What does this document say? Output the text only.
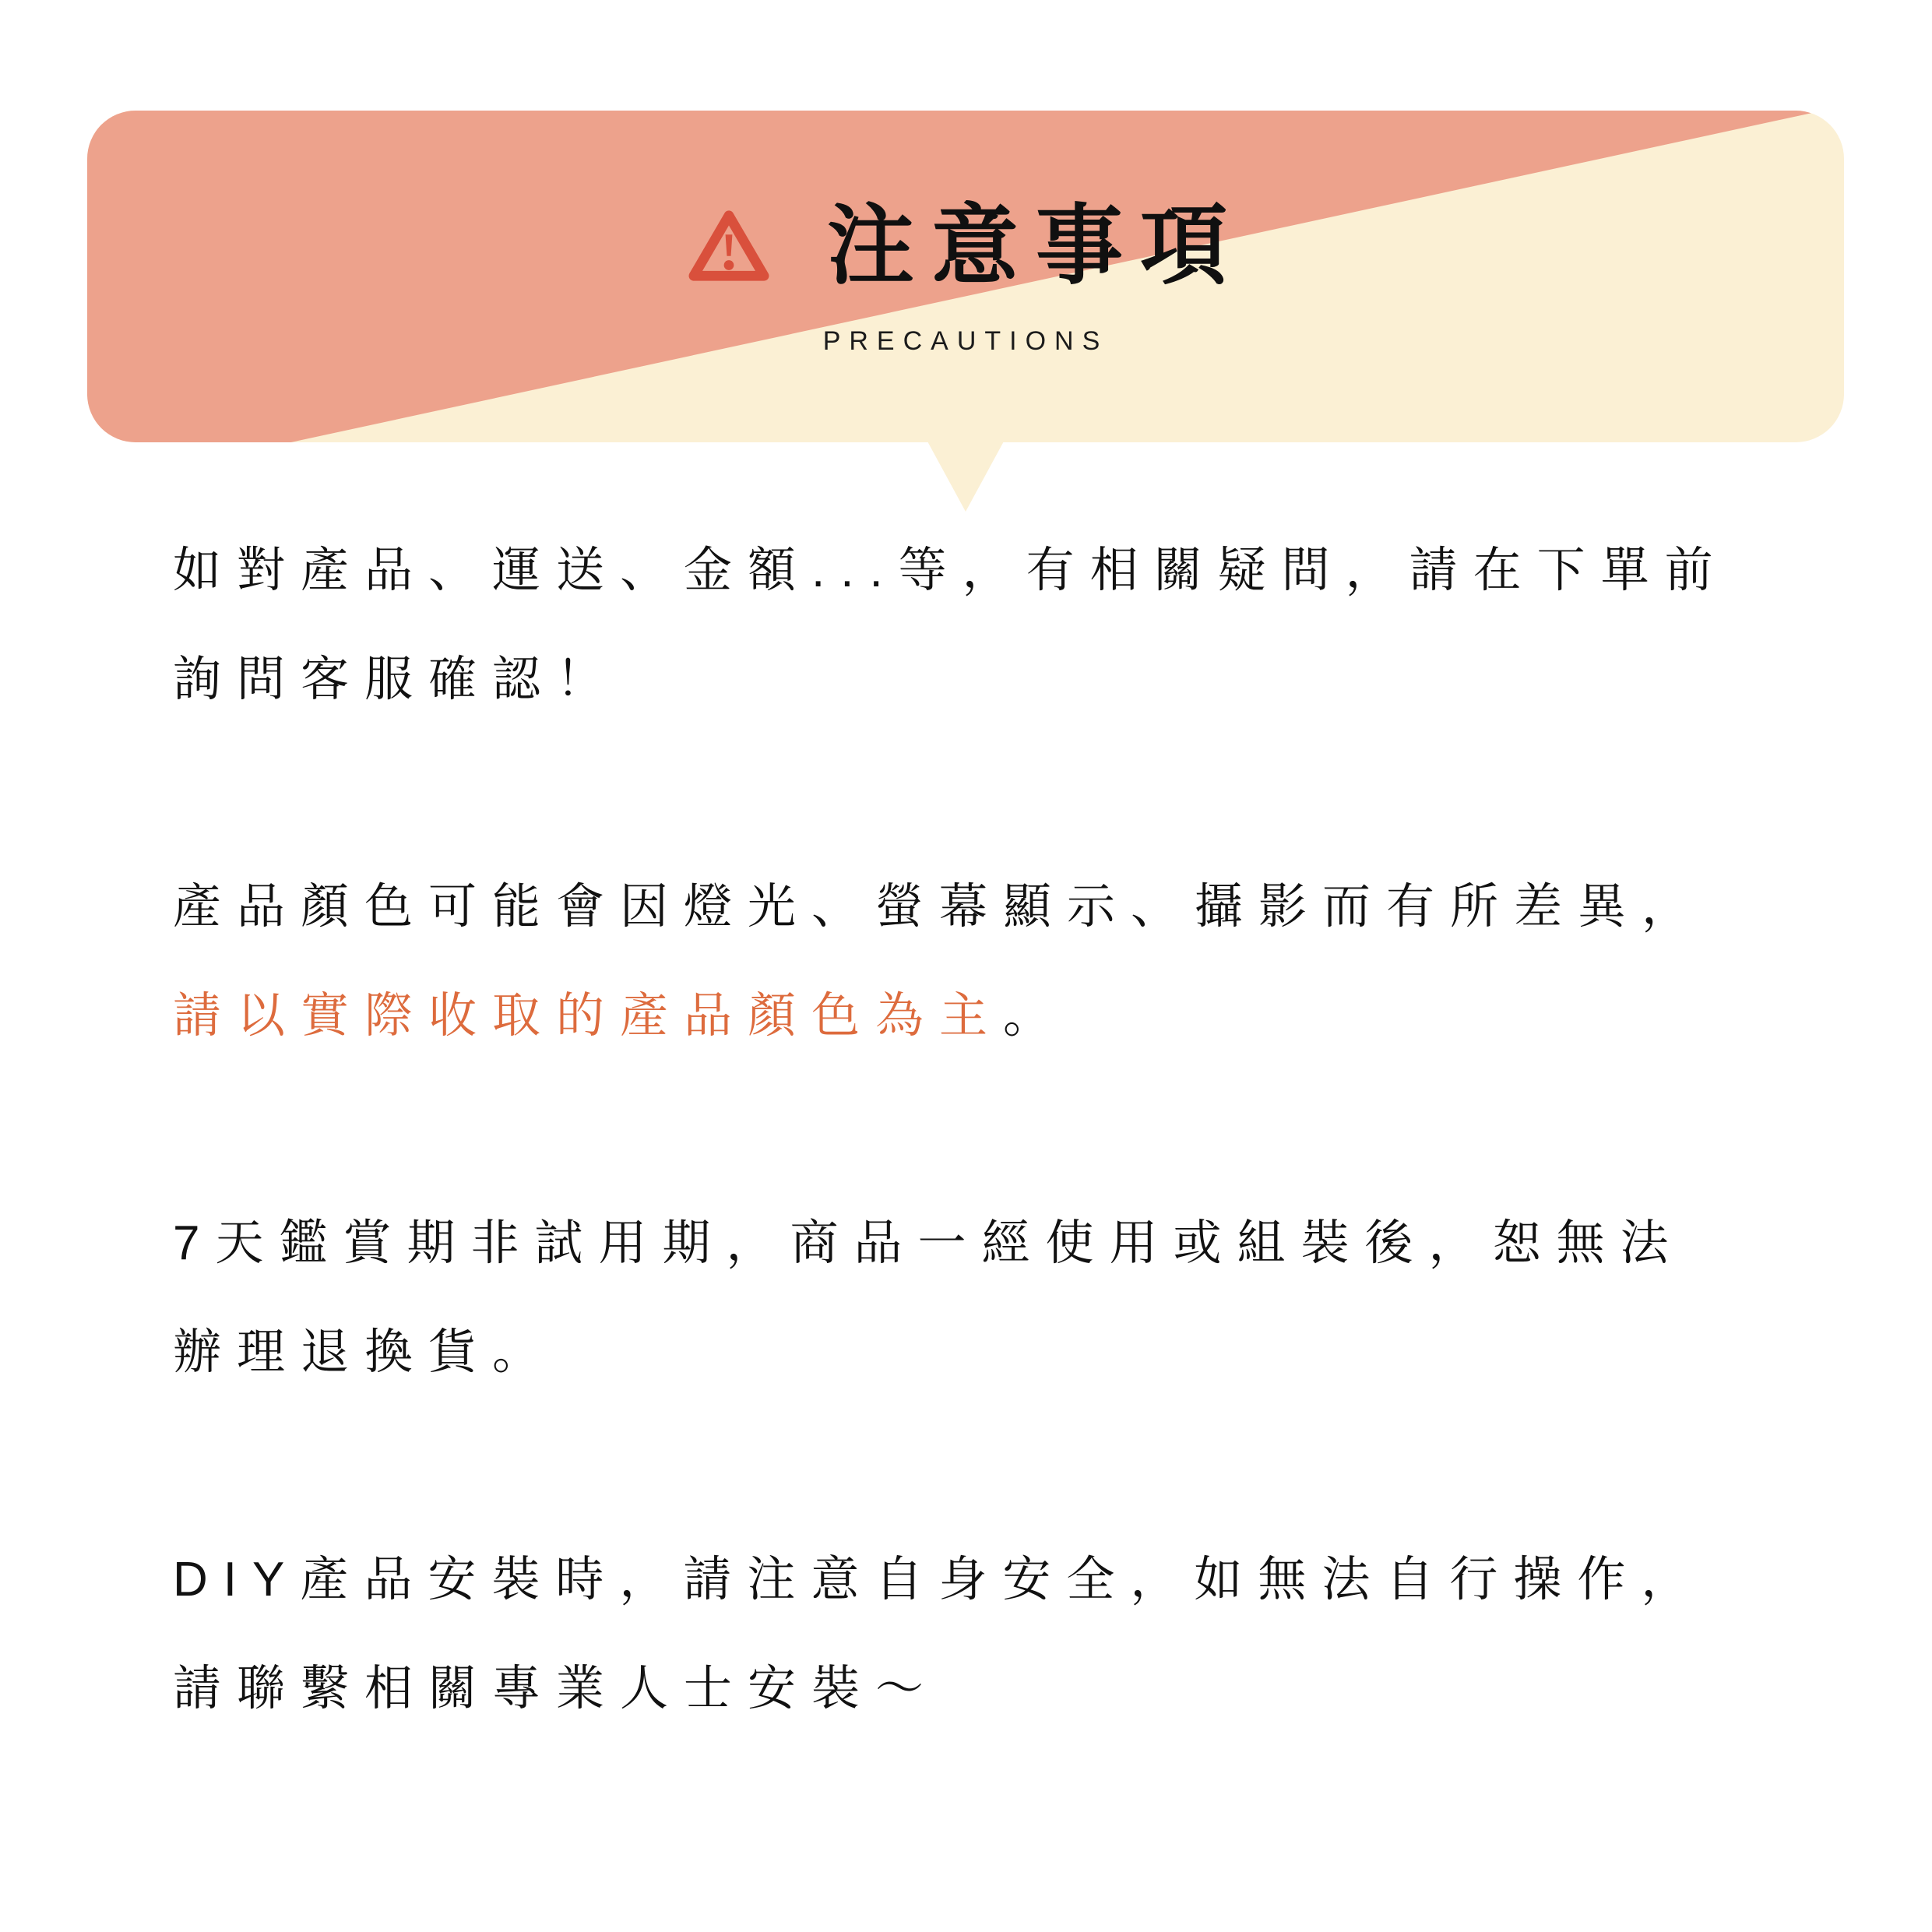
注意事項
PRECAUTIONS

如對產品、運送、金額...等，有相關疑問，請在下單前
詢問客服確認！

產品顏色可能會因燈光、螢幕顯示、攝影而有所差異，
請以實際收取的產品顏色為主。

7天鑑賞期非試用期，商品一經使用或組裝後，恕無法
辦理退換貨。

DIY產品安裝時，請注意自身安全，如無法自行操作，
請聯繫相關專業人士安裝～
